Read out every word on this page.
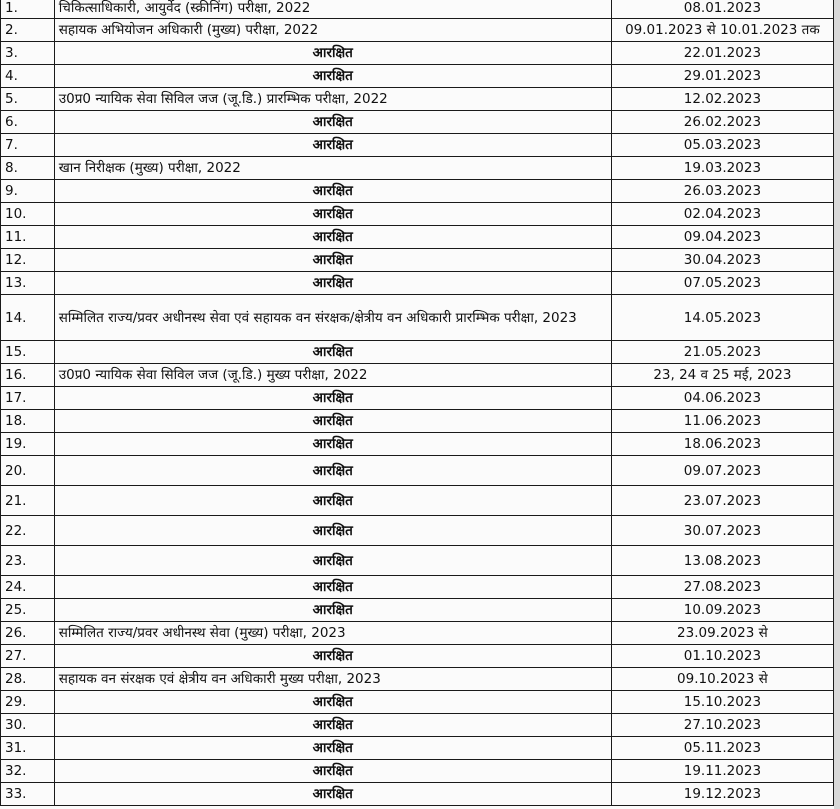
1.	चिकित्साधिकारी, आयुर्वेद (स्क्रीनिंग) परीक्षा, 2022	08.01.2023
2.	सहायक अभियोजन अधिकारी (मुख्य) परीक्षा, 2022	09.01.2023 से 10.01.2023 तक
3.	आरक्षित	22.01.2023
4.	आरक्षित	29.01.2023
5.	उ0प्र0 न्यायिक सेवा सिविल जज (जू.डि.) प्रारम्भिक परीक्षा, 2022	12.02.2023
6.	आरक्षित	26.02.2023
7.	आरक्षित	05.03.2023
8.	खान निरीक्षक (मुख्य) परीक्षा, 2022	19.03.2023
9.	आरक्षित	26.03.2023
10.	आरक्षित	02.04.2023
11.	आरक्षित	09.04.2023
12.	आरक्षित	30.04.2023
13.	आरक्षित	07.05.2023
14.	सम्मिलित राज्य/प्रवर अधीनस्थ सेवा एवं सहायक वन संरक्षक/क्षेत्रीय वन अधिकारी प्रारम्भिक परीक्षा, 2023	14.05.2023
15.	आरक्षित	21.05.2023
16.	उ0प्र0 न्यायिक सेवा सिविल जज (जू.डि.) मुख्य परीक्षा, 2022	23, 24 व 25 मई, 2023
17.	आरक्षित	04.06.2023
18.	आरक्षित	11.06.2023
19.	आरक्षित	18.06.2023
20.	आरक्षित	09.07.2023
21.	आरक्षित	23.07.2023
22.	आरक्षित	30.07.2023
23.	आरक्षित	13.08.2023
24.	आरक्षित	27.08.2023
25.	आरक्षित	10.09.2023
26.	सम्मिलित राज्य/प्रवर अधीनस्थ सेवा (मुख्य) परीक्षा, 2023	23.09.2023 से
27.	आरक्षित	01.10.2023
28.	सहायक वन संरक्षक एवं क्षेत्रीय वन अधिकारी मुख्य परीक्षा, 2023	09.10.2023 से
29.	आरक्षित	15.10.2023
30.	आरक्षित	27.10.2023
31.	आरक्षित	05.11.2023
32.	आरक्षित	19.11.2023
33.	आरक्षित	19.12.2023
